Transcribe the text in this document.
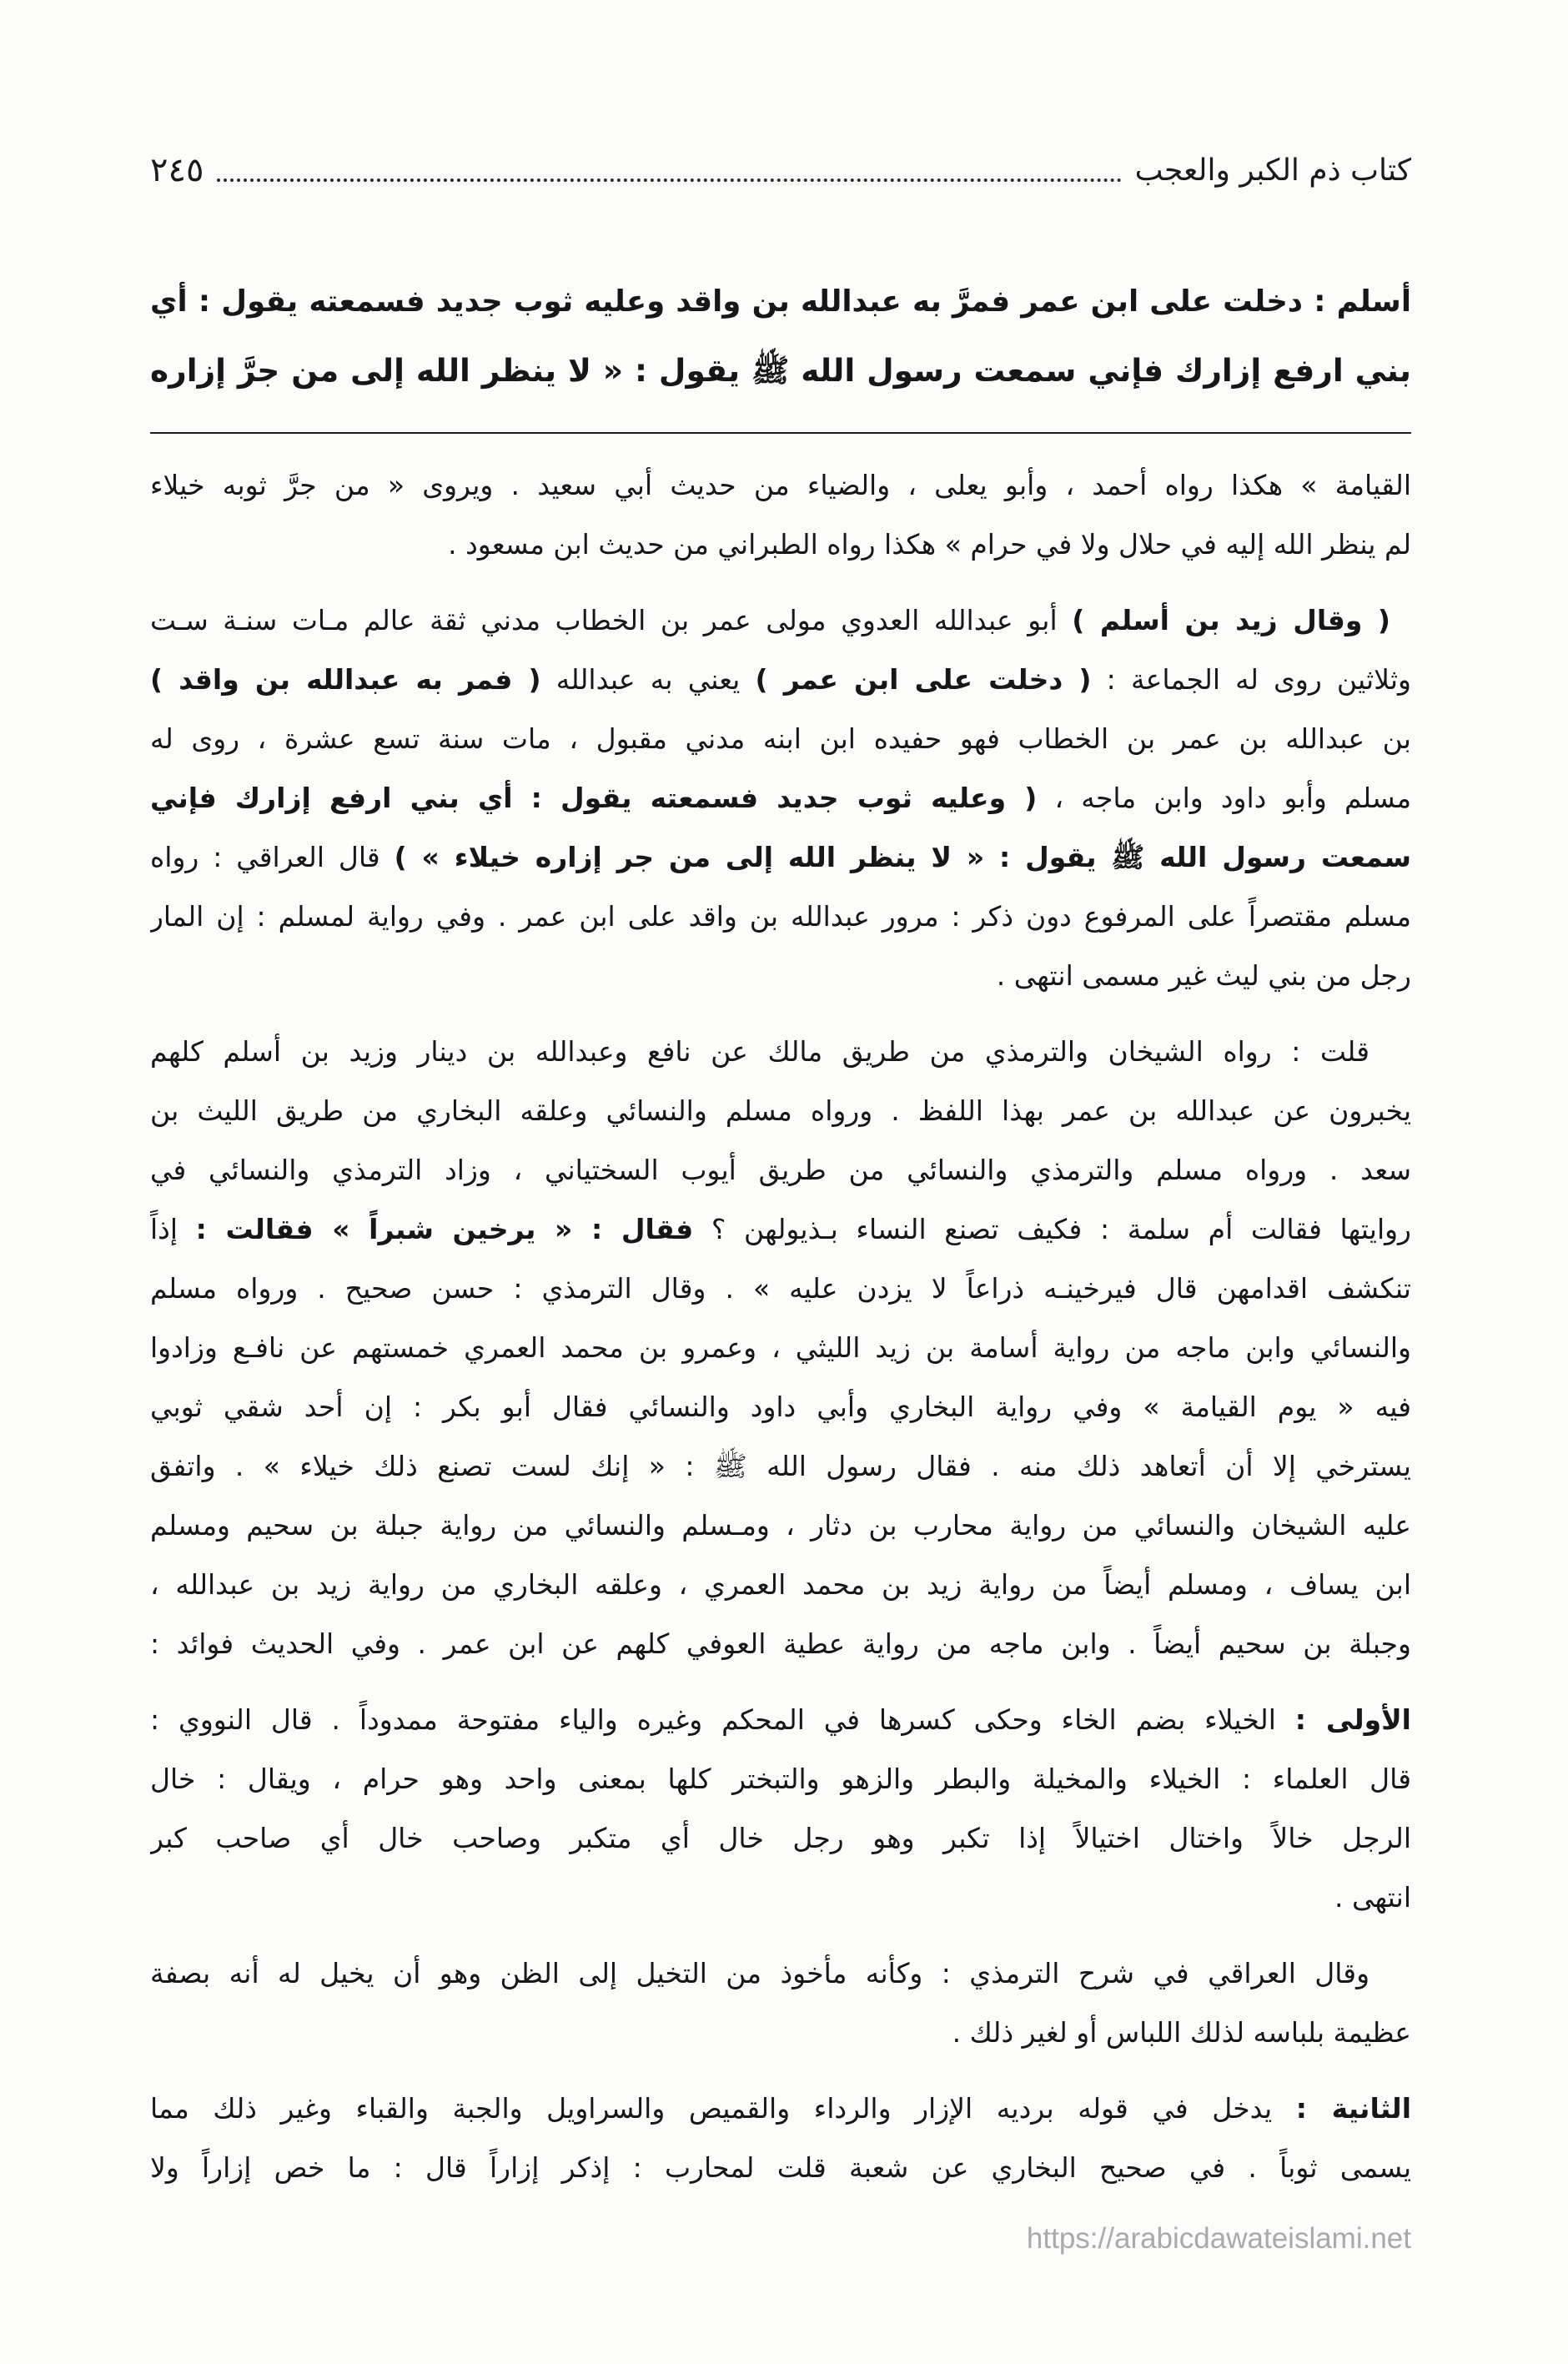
كتاب ذم الكبر والعجب
٢٤٥
أسلم : دخلت على ابن عمر فمرَّ به عبدالله بن واقد وعليه ثوب جديد فسمعته يقول : أي
بني ارفع إزارك فإني سمعت رسول الله ﷺ يقول : « لا ينظر الله إلى من جرَّ إزاره
القيامة » هكذا رواه أحمد ، وأبو يعلى ، والضياء من حديث أبي سعيد . ويروى « من جرَّ ثوبه خيلاء
لم ينظر الله إليه في حلال ولا في حرام » هكذا رواه الطبراني من حديث ابن مسعود .
( وقال زيد بن أسلم ) أبو عبدالله العدوي مولى عمر بن الخطاب مدني ثقة عالم مـات سنـة سـت
وثلاثين روى له الجماعة : ( دخلت على ابن عمر ) يعني به عبدالله ( فمر به عبدالله بن واقد )
بن عبدالله بن عمر بن الخطاب فهو حفيده ابن ابنه مدني مقبول ، مات سنة تسع عشرة ، روى له
مسلم وأبو داود وابن ماجه ، ( وعليه ثوب جديد فسمعته يقول : أي بني ارفع إزارك فإني
سمعت رسول الله ﷺ يقول : « لا ينظر الله إلى من جر إزاره خيلاء » ) قال العراقي : رواه
مسلم مقتصراً على المرفوع دون ذكر : مرور عبدالله بن واقد على ابن عمر . وفي رواية لمسلم : إن المار
رجل من بني ليث غير مسمى انتهى .
قلت : رواه الشيخان والترمذي من طريق مالك عن نافع وعبدالله بن دينار وزيد بن أسلم كلهم
يخبرون عن عبدالله بن عمر بهذا اللفظ . ورواه مسلم والنسائي وعلقه البخاري من طريق الليث بن
سعد . ورواه مسلم والترمذي والنسائي من طريق أيوب السختياني ، وزاد الترمذي والنسائي في
روايتها فقالت أم سلمة : فكيف تصنع النساء بـذيولهن ؟ فقال : « يرخين شبراً » فقالت : إذاً
تنكشف اقدامهن قال فيرخينـه ذراعاً لا يزدن عليه » . وقال الترمذي : حسن صحيح . ورواه مسلم
والنسائي وابن ماجه من رواية أسامة بن زيد الليثي ، وعمرو بن محمد العمري خمستهم عن نافـع وزادوا
فيه « يوم القيامة » وفي رواية البخاري وأبي داود والنسائي فقال أبو بكر : إن أحد شقي ثوبي
يسترخي إلا أن أتعاهد ذلك منه . فقال رسول الله ﷺ : « إنك لست تصنع ذلك خيلاء » . واتفق
عليه الشيخان والنسائي من رواية محارب بن دثار ، ومـسلم والنسائي من رواية جبلة بن سحيم ومسلم
ابن يساف ، ومسلم أيضاً من رواية زيد بن محمد العمري ، وعلقه البخاري من رواية زيد بن عبدالله ،
وجبلة بن سحيم أيضاً . وابن ماجه من رواية عطية العوفي كلهم عن ابن عمر . وفي الحديث فوائد :
الأولى : الخيلاء بضم الخاء وحكى كسرها في المحكم وغيره والياء مفتوحة ممدوداً . قال النووي :
قال العلماء : الخيلاء والمخيلة والبطر والزهو والتبختر كلها بمعنى واحد وهو حرام ، ويقال : خال
الرجل خالاً واختال اختيالاً إذا تكبر وهو رجل خال أي متكبر وصاحب خال أي صاحب كبر
انتهى .
وقال العراقي في شرح الترمذي : وكأنه مأخوذ من التخيل إلى الظن وهو أن يخيل له أنه بصفة
عظيمة بلباسه لذلك اللباس أو لغير ذلك .
الثانية : يدخل في قوله برديه الإزار والرداء والقميص والسراويل والجبة والقباء وغير ذلك مما
يسمى ثوباً . في صحيح البخاري عن شعبة قلت لمحارب : إذكر إزاراً قال : ما خص إزاراً ولا
https://arabicdawateislami.net
